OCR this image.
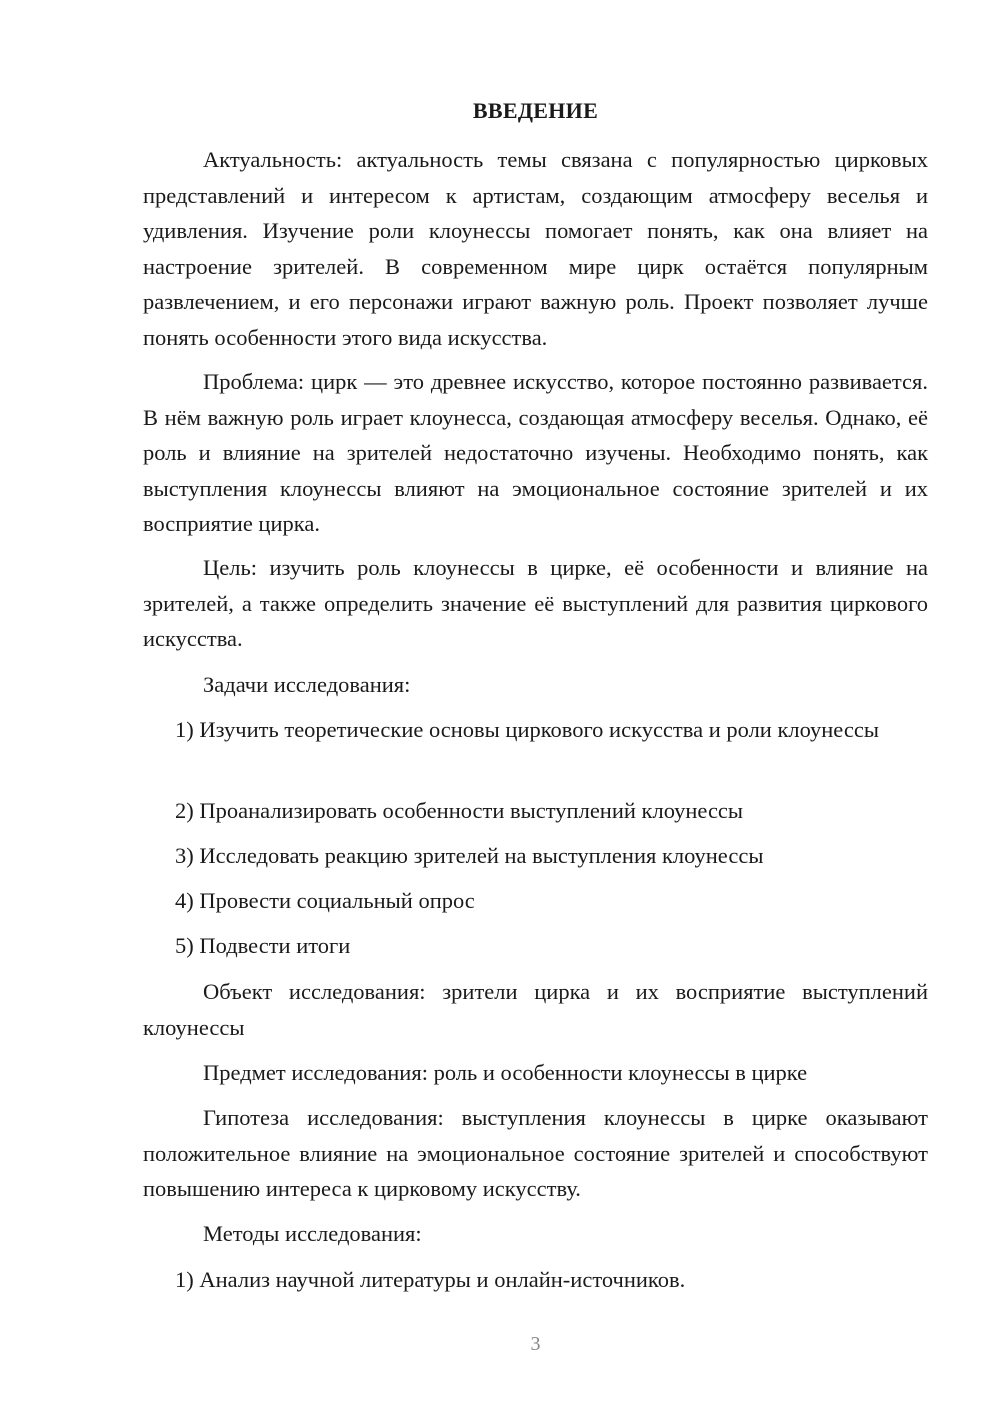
ВВЕДЕНИЕ

Актуальность: актуальность темы связана с популярностью цирковых представлений и интересом к артистам, создающим атмосферу веселья и удивления. Изучение роли клоунессы помогает понять, как она влияет на настроение зрителей. В современном мире цирк остаётся популярным развлечением, и его персонажи играют важную роль. Проект позволяет лучше понять особенности этого вида искусства.

Проблема: цирк — это древнее искусство, которое постоянно развивается. В нём важную роль играет клоунесса, создающая атмосферу веселья. Однако, её роль и влияние на зрителей недостаточно изучены. Необходимо понять, как выступления клоунессы влияют на эмоциональное состояние зрителей и их восприятие цирка.

Цель: изучить роль клоунессы в цирке, её особенности и влияние на зрителей, а также определить значение её выступлений для развития циркового искусства.

Задачи исследования:

1) Изучить теоретические основы циркового искусства и роли клоунессы

2) Проанализировать особенности выступлений клоунессы

3) Исследовать реакцию зрителей на выступления клоунессы

4) Провести социальный опрос

5) Подвести итоги

Объект исследования: зрители цирка и их восприятие выступлений клоунессы

Предмет исследования: роль и особенности клоунессы в цирке

Гипотеза исследования: выступления клоунессы в цирке оказывают положительное влияние на эмоциональное состояние зрителей и способствуют повышению интереса к цирковому искусству.

Методы исследования:

1) Анализ научной литературы и онлайн-источников.

3
